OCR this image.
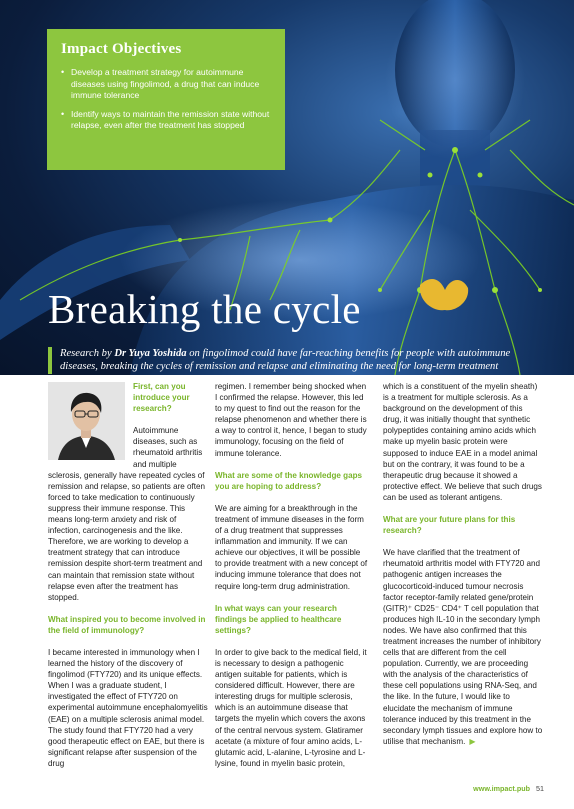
Impact Objectives
• Develop a treatment strategy for autoimmune diseases using fingolimod, a drug that can induce immune tolerance
• Identify ways to maintain the remission state without relapse, even after the treatment has stopped
Breaking the cycle
Research by Dr Yuya Yoshida on fingolimod could have far-reaching benefits for people with autoimmune diseases, breaking the cycles of remission and relapse and eliminating the need for long-term treatment
First, can you introduce your research?

Autoimmune diseases, such as rheumatoid arthritis and multiple sclerosis, generally have repeated cycles of remission and relapse, so patients are often forced to take medication to continuously suppress their immune response. This means long-term anxiety and risk of infection, carcinogenesis and the like. Therefore, we are working to develop a treatment strategy that can introduce remission despite short-term treatment and can maintain that remission state without relapse even after the treatment has stopped.

What inspired you to become involved in the field of immunology?

I became interested in immunology when I learned the history of the discovery of fingolimod (FTY720) and its unique effects. When I was a graduate student, I investigated the effect of FTY720 on experimental autoimmune encephalomyelitis (EAE) on a multiple sclerosis animal model. The study found that FTY720 had a very good therapeutic effect on EAE, but there is significant relapse after suspension of the drug

regimen. I remember being shocked when I confirmed the relapse. However, this led to my quest to find out the reason for the relapse phenomenon and whether there is a way to control it, hence, I began to study immunology, focusing on the field of immune tolerance.

What are some of the knowledge gaps you are hoping to address?

We are aiming for a breakthrough in the treatment of immune diseases in the form of a drug treatment that suppresses inflammation and immunity. If we can achieve our objectives, it will be possible to provide treatment with a new concept of inducing immune tolerance that does not require long-term drug administration.

In what ways can your research findings be applied to healthcare settings?

In order to give back to the medical field, it is necessary to design a pathogenic antigen suitable for patients, which is considered difficult. However, there are interesting drugs for multiple sclerosis, which is an autoimmune disease that targets the myelin which covers the axons of the central nervous system. Glatiramer acetate (a mixture of four amino acids, L-glutamic acid, L-alanine, L-tyrosine and L-lysine, found in myelin basic protein,

which is a constituent of the myelin sheath) is a treatment for multiple sclerosis. As a background on the development of this drug, it was initially thought that synthetic polypeptides containing amino acids which make up myelin basic protein were supposed to induce EAE in a model animal but on the contrary, it was found to be a therapeutic drug because it showed a protective effect. We believe that such drugs can be used as tolerant antigens.

What are your future plans for this research?

We have clarified that the treatment of rheumatoid arthritis model with FTY720 and pathogenic antigen increases the glucocorticoid-induced tumour necrosis factor receptor-family related gene/protein (GITR)⁺ CD25⁻ CD4⁺ T cell population that produces high IL-10 in the secondary lymph nodes. We have also confirmed that this treatment increases the number of inhibitory cells that are different from the cell population. Currently, we are proceeding with the analysis of the characteristics of these cell populations using RNA-Seq, and the like. In the future, I would like to elucidate the mechanism of immune tolerance induced by this treatment in the secondary lymph tissues and explore how to utilise that mechanism. ▶

www.impact.pub 51
